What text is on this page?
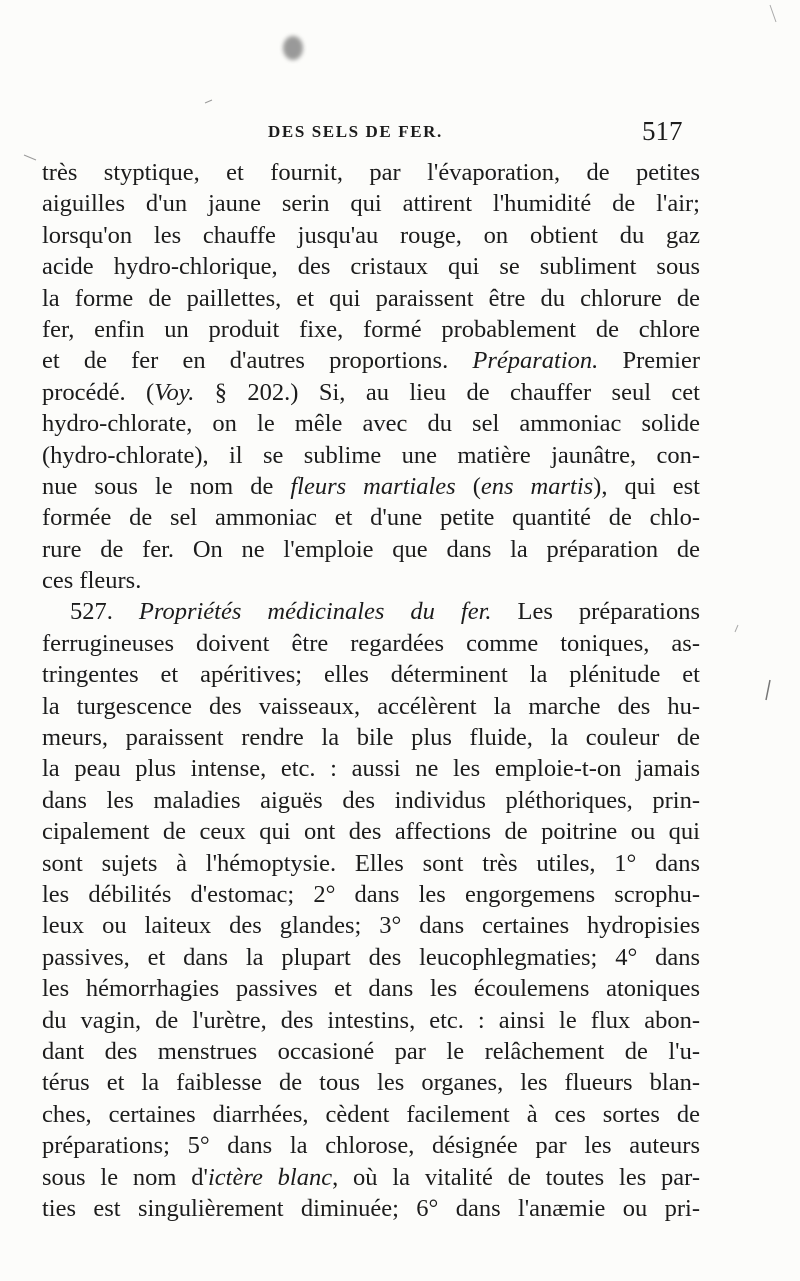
DES SELS DE FER.	517
très styptique, et fournit, par l'évaporation, de petites
aiguilles d'un jaune serin qui attirent l'humidité de l'air;
lorsqu'on les chauffe jusqu'au rouge, on obtient du gaz
acide hydro-chlorique, des cristaux qui se subliment sous
la forme de paillettes, et qui paraissent être du chlorure de
fer, enfin un produit fixe, formé probablement de chlore
et de fer en d'autres proportions. Préparation. Premier
procédé. (Voy. § 202.) Si, au lieu de chauffer seul cet
hydro-chlorate, on le mêle avec du sel ammoniac solide
(hydro-chlorate), il se sublime une matière jaunâtre, con-
nue sous le nom de fleurs martiales (ens martis), qui est
formée de sel ammoniac et d'une petite quantité de chlo-
rure de fer. On ne l'emploie que dans la préparation de
ces fleurs.
527. Propriétés médicinales du fer. Les préparations
ferrugineuses doivent être regardées comme toniques, as-
tringentes et apéritives; elles déterminent la plénitude et
la turgescence des vaisseaux, accélèrent la marche des hu-
meurs, paraissent rendre la bile plus fluide, la couleur de
la peau plus intense, etc. : aussi ne les emploie-t-on jamais
dans les maladies aiguës des individus pléthoriques, prin-
cipalement de ceux qui ont des affections de poitrine ou qui
sont sujets à l'hémoptysie. Elles sont très utiles, 1° dans
les débilités d'estomac; 2° dans les engorgemens scrophu-
leux ou laiteux des glandes; 3° dans certaines hydropisies
passives, et dans la plupart des leucophlegmaties; 4° dans
les hémorrhagies passives et dans les écoulemens atoniques
du vagin, de l'urètre, des intestins, etc. : ainsi le flux abon-
dant des menstrues occasioné par le relâchement de l'u-
térus et la faiblesse de tous les organes, les flueurs blan-
ches, certaines diarrhées, cèdent facilement à ces sortes de
préparations; 5° dans la chlorose, désignée par les auteurs
sous le nom d'ictère blanc, où la vitalité de toutes les par-
ties est singulièrement diminuée; 6° dans l'anæmie ou pri-
